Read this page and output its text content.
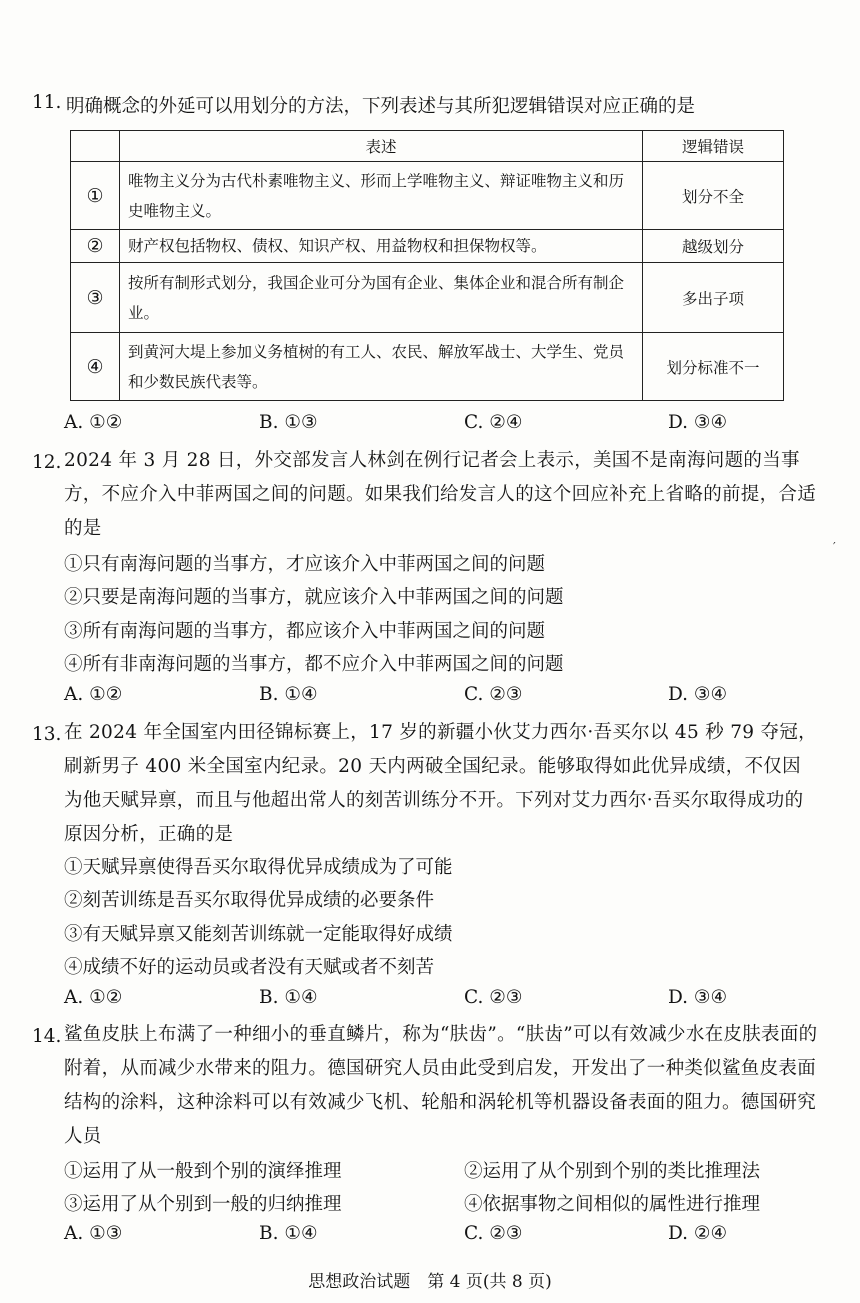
11. 明确概念的外延可以用划分的方法，下列表述与其所犯逻辑错误对应正确的是
	表述	逻辑错误
①	唯物主义分为古代朴素唯物主义、形而上学唯物主义、辩证唯物主义和历史唯物主义。	划分不全
②	财产权包括物权、债权、知识产权、用益物权和担保物权等。	越级划分
③	按所有制形式划分，我国企业可分为国有企业、集体企业和混合所有制企业。	多出子项
④	到黄河大堤上参加义务植树的有工人、农民、解放军战士、大学生、党员和少数民族代表等。	划分标准不一
A. ①②	B. ①③	C. ②④	D. ③④
12. 2024 年 3 月 28 日，外交部发言人林剑在例行记者会上表示，美国不是南海问题的当事方，不应介入中菲两国之间的问题。如果我们给发言人的这个回应补充上省略的前提，合适的是
①只有南海问题的当事方，才应该介入中菲两国之间的问题
②只要是南海问题的当事方，就应该介入中菲两国之间的问题
③所有南海问题的当事方，都应该介入中菲两国之间的问题
④所有非南海问题的当事方，都不应介入中菲两国之间的问题
A. ①②	B. ①④	C. ②③	D. ③④
13. 在 2024 年全国室内田径锦标赛上，17 岁的新疆小伙艾力西尔·吾买尔以 45 秒 79 夺冠，刷新男子 400 米全国室内纪录。20 天内两破全国纪录。能够取得如此优异成绩，不仅因为他天赋异禀，而且与他超出常人的刻苦训练分不开。下列对艾力西尔·吾买尔取得成功的原因分析，正确的是
①天赋异禀使得吾买尔取得优异成绩成为了可能
②刻苦训练是吾买尔取得优异成绩的必要条件
③有天赋异禀又能刻苦训练就一定能取得好成绩
④成绩不好的运动员或者没有天赋或者不刻苦
A. ①②	B. ①④	C. ②③	D. ③④
14. 鲨鱼皮肤上布满了一种细小的垂直鳞片，称为“肤齿”。“肤齿”可以有效减少水在皮肤表面的附着，从而减少水带来的阻力。德国研究人员由此受到启发，开发出了一种类似鲨鱼皮表面结构的涂料，这种涂料可以有效减少飞机、轮船和涡轮机等机器设备表面的阻力。德国研究人员
①运用了从一般到个别的演绎推理	②运用了从个别到个别的类比推理法
③运用了从个别到一般的归纳推理	④依据事物之间相似的属性进行推理
A. ①③	B. ①④	C. ②③	D. ②④
′
思想政治试题　第 4 页(共 8 页)
